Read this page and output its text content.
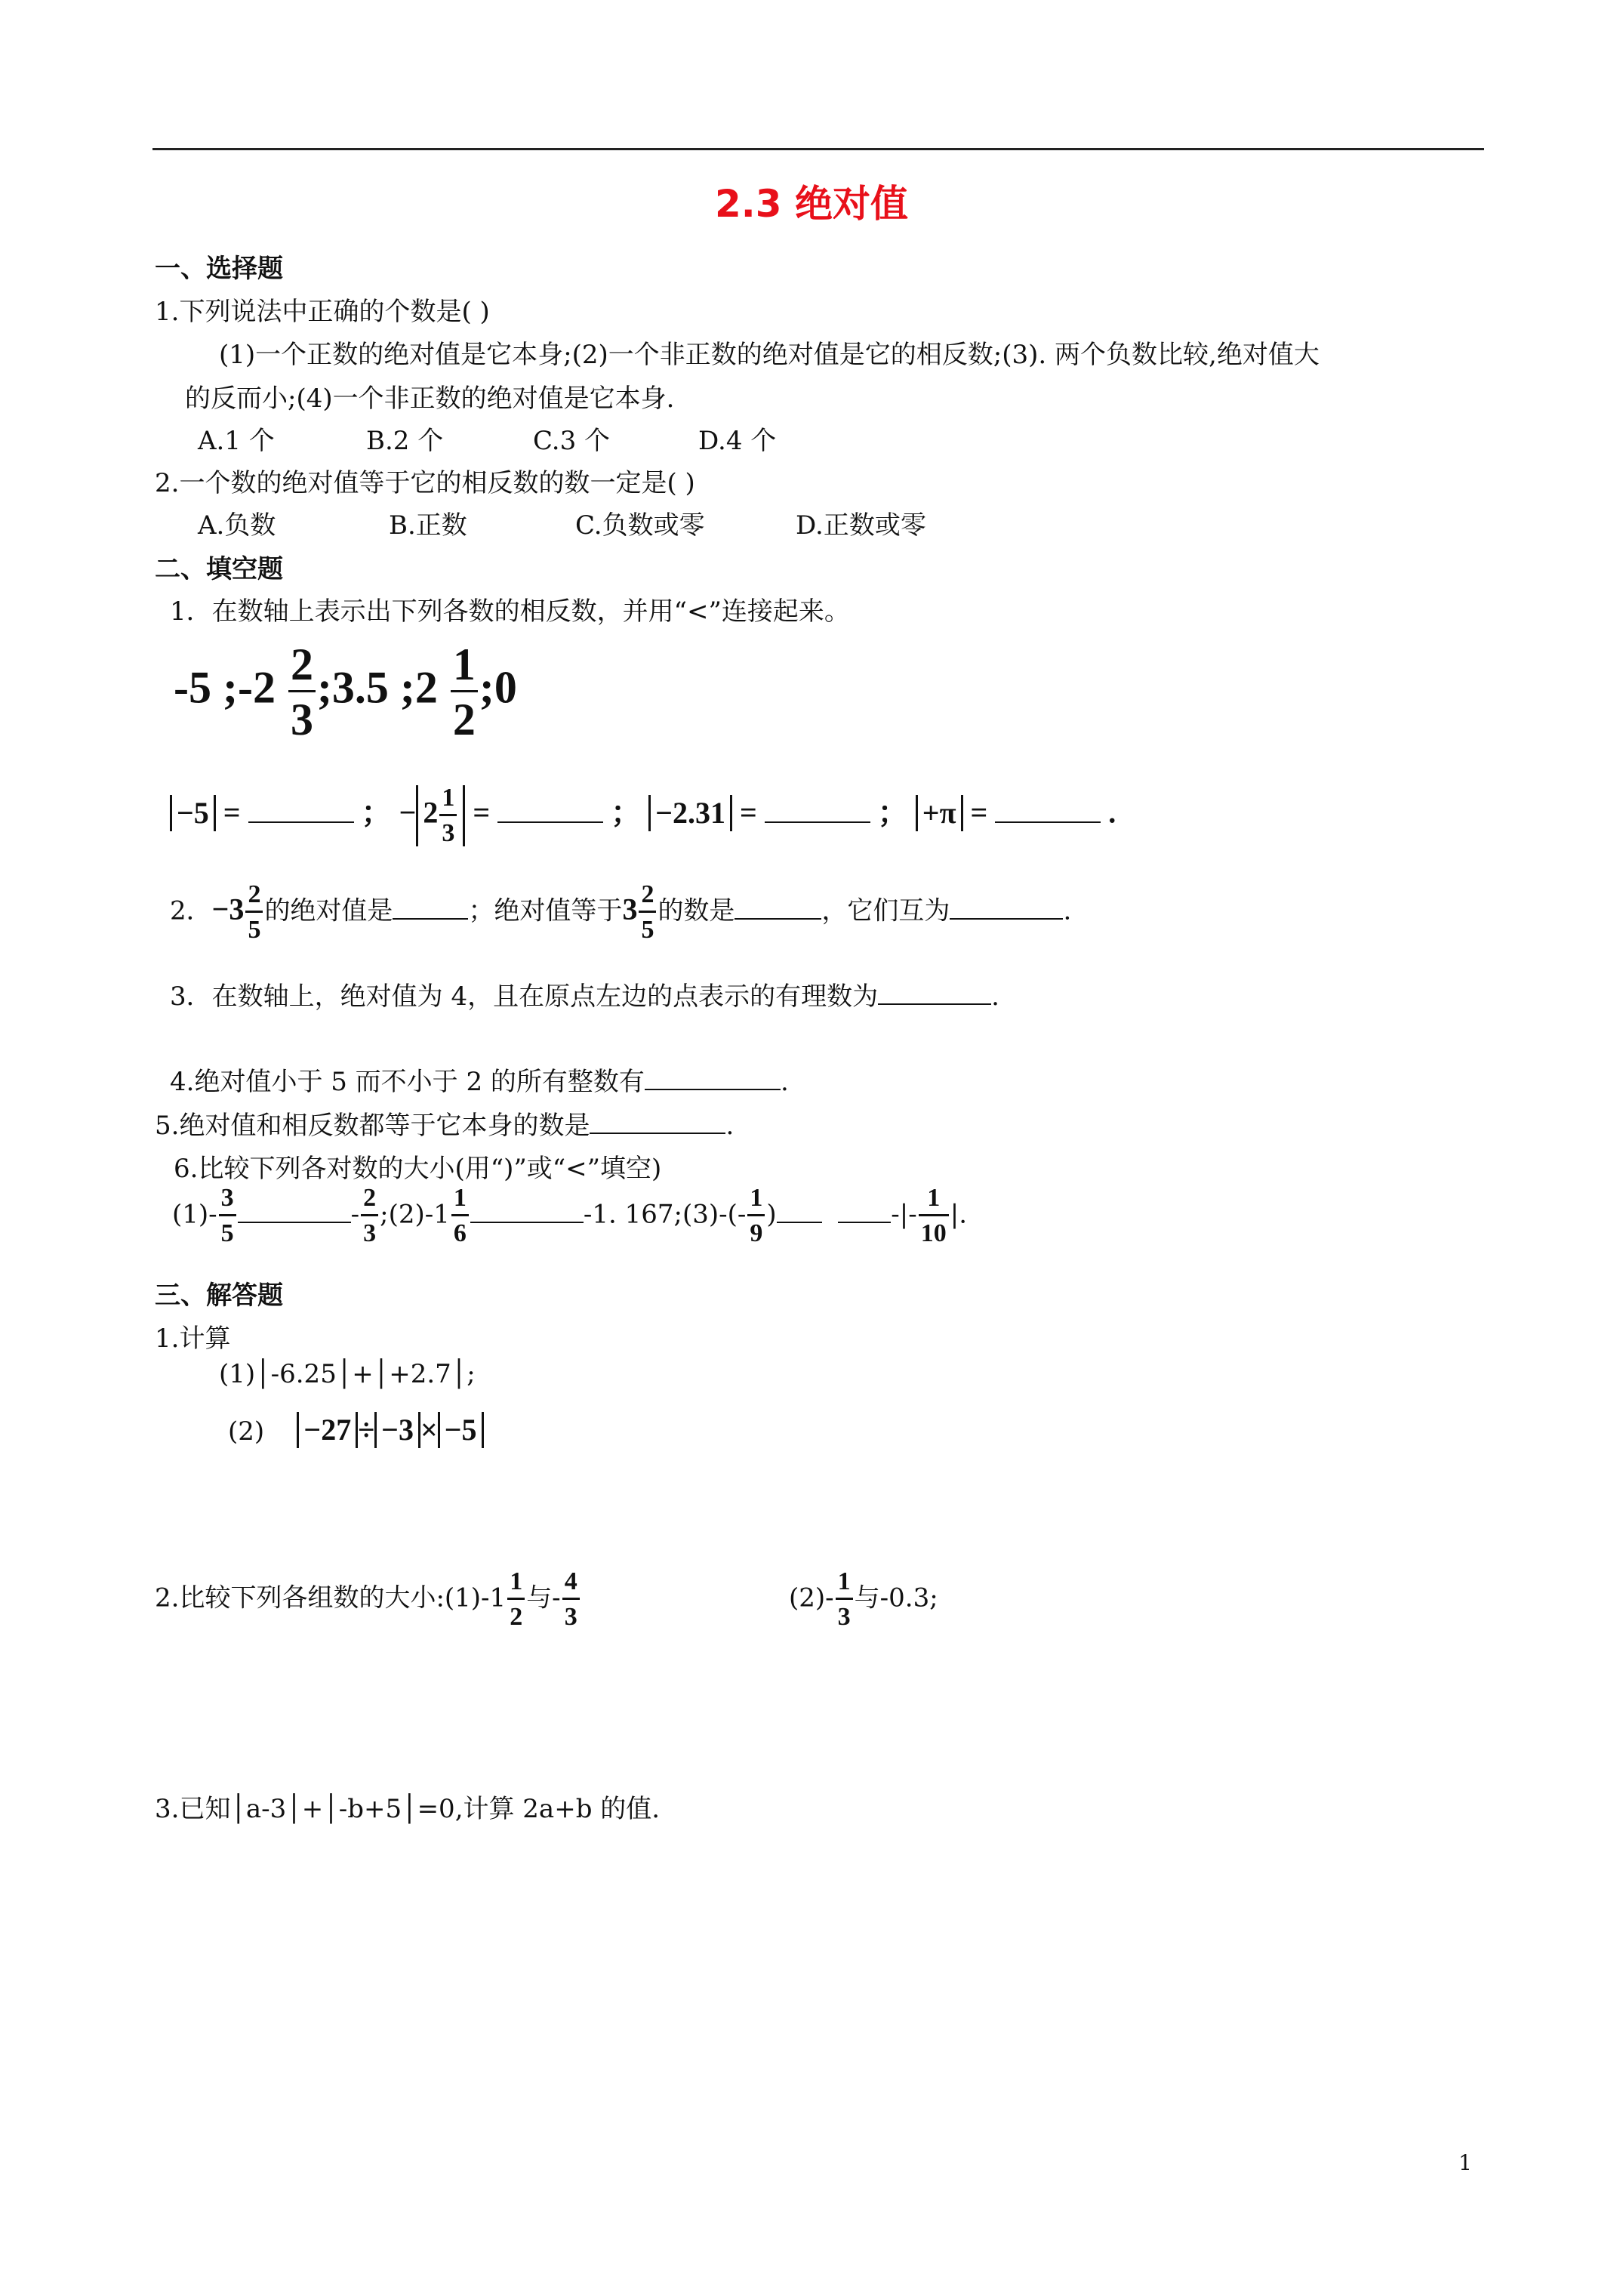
2.3 绝对值
一、选择题
1.下列说法中正确的个数是( )
(1)一个正数的绝对值是它本身;(2)一个非正数的绝对值是它的相反数;(3). 两个负数比较,绝对值大
的反而小;(4)一个非正数的绝对值是它本身.
A.1 个	B.2 个	C.3 个	D.4 个
2.一个数的绝对值等于它的相反数的数一定是( )
A.负数	B.正数	C.负数或零	D.正数或零
二、填空题
1．在数轴上表示出下列各数的相反数，并用“<”连接起来。
-5 ;-2 $\frac{2}{3}$ ;3.5 ;2 $\frac{1}{2}$ ;0
−5 =	； − $2 \frac{1}{3}$ =	； −2.31 =	； +π =	.
2．$-3 \frac{2}{5}$ 的绝对值是	；绝对值等于$3 \frac{2}{5}$ 的数是	，它们互为	.
3．在数轴上，绝对值为 4，且在原点左边的点表示的有理数为	.
4.绝对值小于 5 而不小于 2 的所有整数有	.
5.绝对值和相反数都等于它本身的数是	.
6.比较下列各对数的大小(用“)”或“<”填空)
$(1)- \frac{3}{5}$	- $\frac{2}{3}$ ;(2)-1 $\frac{1}{6}$	-1. 167;(3)-(- $\frac{1}{9}$ )	-|- $\frac{1}{10}$ |.
三、解答题
1.计算
(1)│-6.25│+│+2.7│;
(2) −27 ÷ −3 × −5
2.比较下列各组数的大小:(1)-1 $\frac{1}{2}$ 与- $\frac{4}{3}$	$(2)- \frac{1}{3}$ 与-0.3;
3.已知│a-3│+│-b+5│=0,计算 2a+b 的值.
1
